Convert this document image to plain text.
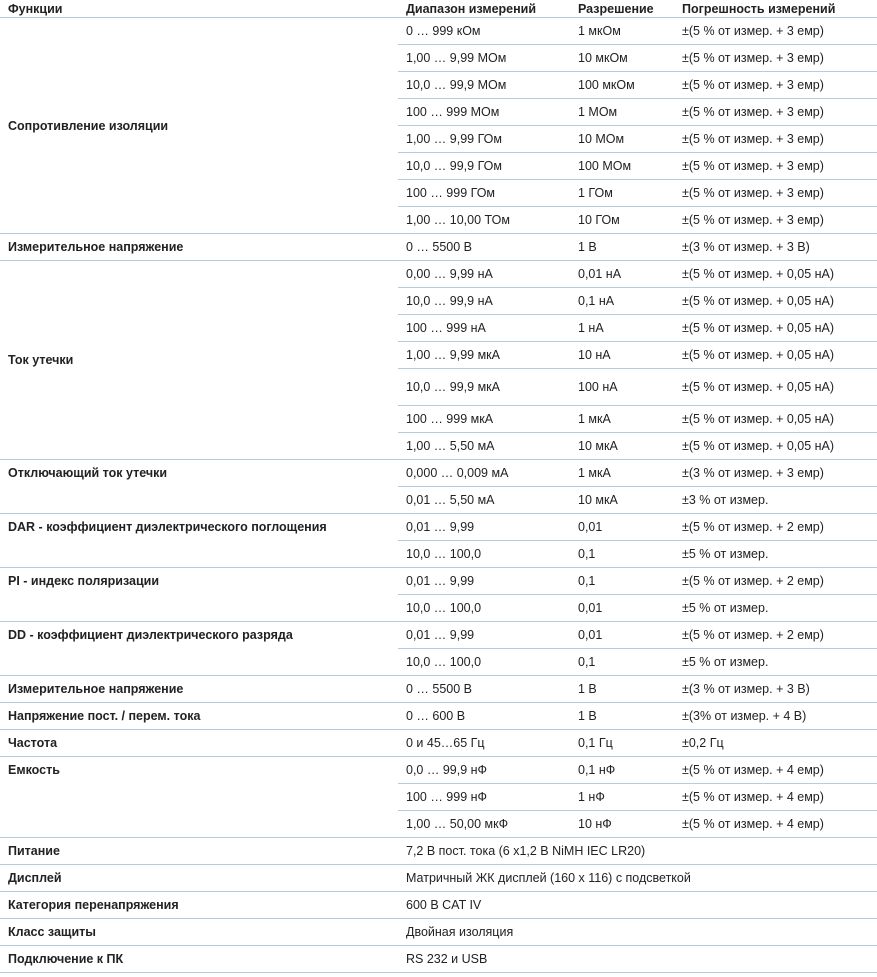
Функции	Диапазон измерений	Разрешение	Погрешность измерений
Сопротивление изоляции	0 … 999 кОм	1 мкОм	±(5 % от измер. + 3 емр)
	1,00 … 9,99 МОм	10 мкОм	±(5 % от измер. + 3 емр)
	10,0 … 99,9 МОм	100 мкОм	±(5 % от измер. + 3 емр)
	100 … 999 МОм	1 МОм	±(5 % от измер. + 3 емр)
	1,00 … 9,99 ГОм	10 МОм	±(5 % от измер. + 3 емр)
	10,0 … 99,9 ГОм	100 МОм	±(5 % от измер. + 3 емр)
	100 … 999 ГОм	1 ГОм	±(5 % от измер. + 3 емр)
	1,00 … 10,00 ТОм	10 ГОм	±(5 % от измер. + 3 емр)
Измерительное напряжение	0 … 5500 В	1 В	±(3 % от измер. + 3 В)
Ток утечки	0,00 … 9,99 нА	0,01 нА	±(5 % от измер. + 0,05 нА)
	10,0 … 99,9 нА	0,1 нА	±(5 % от измер. + 0,05 нА)
	100 … 999 нА	1 нА	±(5 % от измер. + 0,05 нА)
	1,00 … 9,99 мкА	10 нА	±(5 % от измер. + 0,05 нА)
	10,0 … 99,9 мкА	100 нА	±(5 % от измер. + 0,05 нА)
	100 … 999 мкА	1 мкА	±(5 % от измер. + 0,05 нА)
	1,00 … 5,50 мА	10 мкА	±(5 % от измер. + 0,05 нА)
Отключающий ток утечки	0,000 … 0,009 мА	1 мкА	±(3 % от измер. + 3 емр)
	0,01 … 5,50 мА	10 мкА	±3 % от измер.
DAR - коэффициент диэлектрического поглощения	0,01 … 9,99	0,01	±(5 % от измер. + 2 емр)
	10,0 … 100,0	0,1	±5 % от измер.
PI - индекс поляризации	0,01 … 9,99	0,1	±(5 % от измер. + 2 емр)
	10,0 … 100,0	0,01	±5 % от измер.
DD - коэффициент диэлектрического разряда	0,01 … 9,99	0,01	±(5 % от измер. + 2 емр)
	10,0 … 100,0	0,1	±5 % от измер.
Измерительное напряжение	0 … 5500 В	1 В	±(3 % от измер. + 3 В)
Напряжение пост. / перем. тока	0 … 600 В	1 В	±(3% от измер. + 4 В)
Частота	0 и 45…65 Гц	0,1 Гц	±0,2 Гц
Емкость	0,0 … 99,9 нФ	0,1 нФ	±(5 % от измер. + 4 емр)
	100 … 999 нФ	1 нФ	±(5 % от измер. + 4 емр)
	1,00 … 50,00 мкФ	10 нФ	±(5 % от измер. + 4 емр)
Питание	7,2 В пост. тока (6 x1,2 В NiMH IEC LR20)		
Дисплей	Матричный ЖК дисплей (160 x 116) с подсветкой		
Категория перенапряжения	600 В CAT IV		
Класс защиты	Двойная изоляция		
Подключение к ПК	RS 232 и USB		
